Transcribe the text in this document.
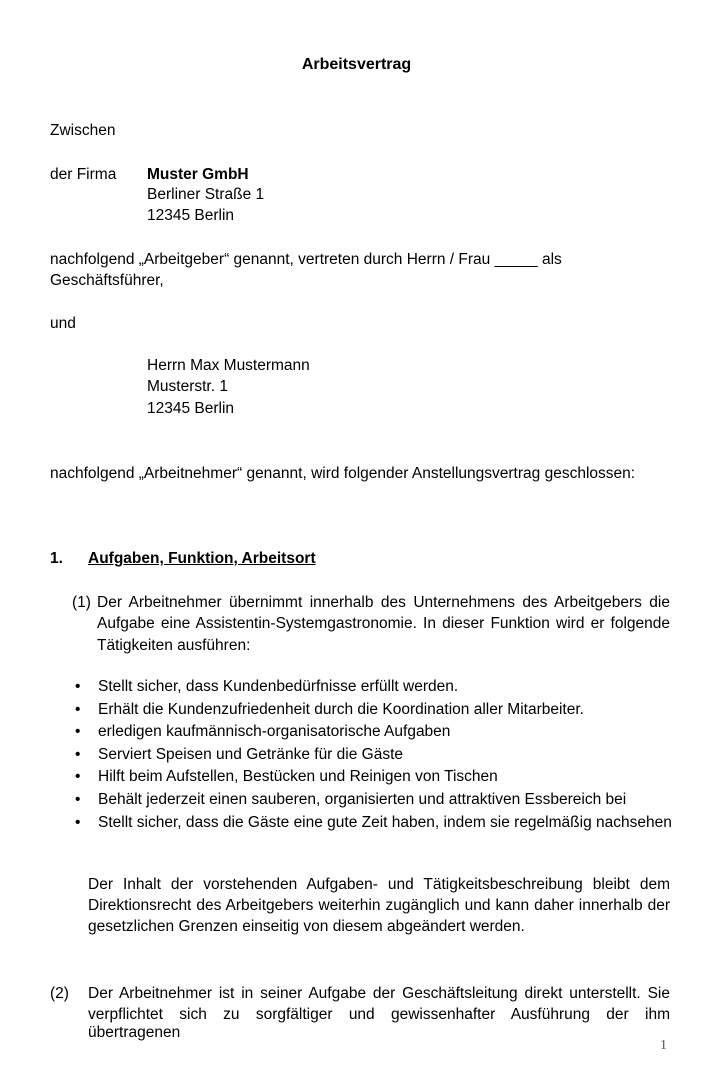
Arbeitsvertrag
Zwischen
der Firma Muster GmbH
Berliner Straße 1
12345 Berlin
nachfolgend „Arbeitgeber“ genannt, vertreten durch Herrn / Frau _____ als
Geschäftsführer,
und
Herrn Max Mustermann
Musterstr. 1
12345 Berlin
nachfolgend „Arbeitnehmer“ genannt, wird folgender Anstellungsvertrag geschlossen:
1. Aufgaben, Funktion, Arbeitsort
(1) Der Arbeitnehmer übernimmt innerhalb des Unternehmens des Arbeitgebers die
Aufgabe eine Assistentin-Systemgastronomie. In dieser Funktion wird er folgende
Tätigkeiten ausführen:
• Stellt sicher, dass Kundenbedürfnisse erfüllt werden.
• Erhält die Kundenzufriedenheit durch die Koordination aller Mitarbeiter.
• erledigen kaufmännisch-organisatorische Aufgaben
• Serviert Speisen und Getränke für die Gäste
• Hilft beim Aufstellen, Bestücken und Reinigen von Tischen
• Behält jederzeit einen sauberen, organisierten und attraktiven Essbereich bei
• Stellt sicher, dass die Gäste eine gute Zeit haben, indem sie regelmäßig nachsehen
Der Inhalt der vorstehenden Aufgaben- und Tätigkeitsbeschreibung bleibt dem
Direktionsrecht des Arbeitgebers weiterhin zugänglich und kann daher innerhalb der
gesetzlichen Grenzen einseitig von diesem abgeändert werden.
(2) Der Arbeitnehmer ist in seiner Aufgabe der Geschäftsleitung direkt unterstellt. Sie
verpflichtet sich zu sorgfältiger und gewissenhafter Ausführung der ihm übertragenen
1
